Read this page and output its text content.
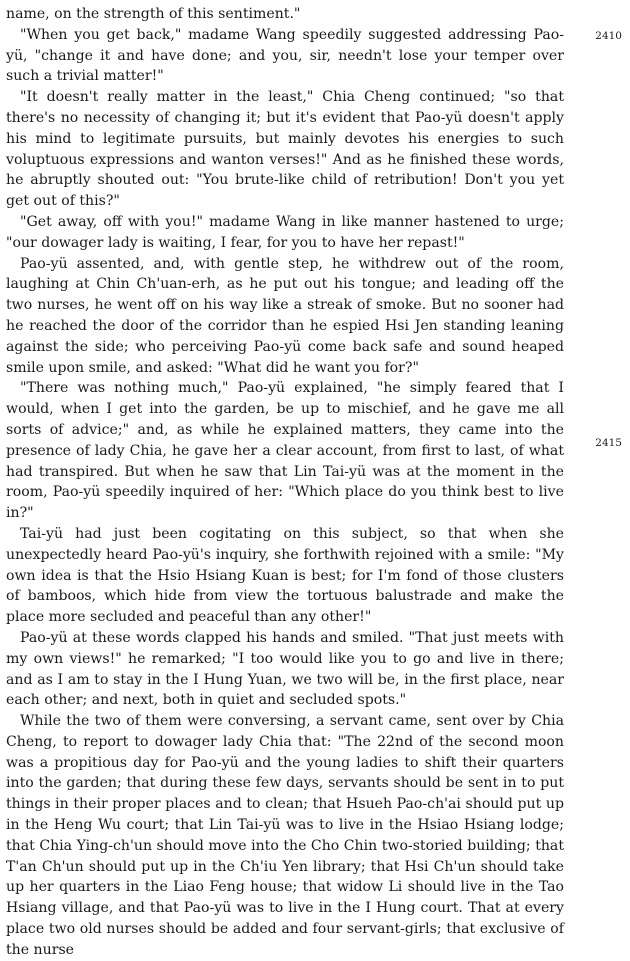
name, on the strength of this sentiment."

"When you get back," madame Wang speedily suggested addressing Pao-yü, "change it and have done; and you, sir, needn't lose your temper over such a trivial matter!"

"It doesn't really matter in the least," Chia Cheng continued; "so that there's no necessity of changing it; but it's evident that Pao-yü doesn't apply his mind to legitimate pursuits, but mainly devotes his energies to such voluptuous expressions and wanton verses!" And as he finished these words, he abruptly shouted out: "You brute-like child of retribution! Don't you yet get out of this?"

"Get away, off with you!" madame Wang in like manner hastened to urge; "our dowager lady is waiting, I fear, for you to have her repast!"

Pao-yü assented, and, with gentle step, he withdrew out of the room, laughing at Chin Ch'uan-erh, as he put out his tongue; and leading off the two nurses, he went off on his way like a streak of smoke. But no sooner had he reached the door of the corridor than he espied Hsi Jen standing leaning against the side; who perceiving Pao-yü come back safe and sound heaped smile upon smile, and asked: "What did he want you for?"

"There was nothing much," Pao-yü explained, "he simply feared that I would, when I get into the garden, be up to mischief, and he gave me all sorts of advice;" and, as while he explained matters, they came into the presence of lady Chia, he gave her a clear account, from first to last, of what had transpired. But when he saw that Lin Tai-yü was at the moment in the room, Pao-yü speedily inquired of her: "Which place do you think best to live in?"

Tai-yü had just been cogitating on this subject, so that when she unexpectedly heard Pao-yü's inquiry, she forthwith rejoined with a smile: "My own idea is that the Hsio Hsiang Kuan is best; for I'm fond of those clusters of bamboos, which hide from view the tortuous balustrade and make the place more secluded and peaceful than any other!"

Pao-yü at these words clapped his hands and smiled. "That just meets with my own views!" he remarked; "I too would like you to go and live in there; and as I am to stay in the I Hung Yuan, we two will be, in the first place, near each other; and next, both in quiet and secluded spots."

While the two of them were conversing, a servant came, sent over by Chia Cheng, to report to dowager lady Chia that: "The 22nd of the second moon was a propitious day for Pao-yü and the young ladies to shift their quarters into the garden; that during these few days, servants should be sent in to put things in their proper places and to clean; that Hsueh Pao-ch'ai should put up in the Heng Wu court; that Lin Tai-yü was to live in the Hsiao Hsiang lodge; that Chia Ying-ch'un should move into the Cho Chin two-storied building; that T'an Ch'un should put up in the Ch'iu Yen library; that Hsi Ch'un should take up her quarters in the Liao Feng house; that widow Li should live in the Tao Hsiang village, and that Pao-yü was to live in the I Hung court. That at every place two old nurses should be added and four servant-girls; that exclusive of the nurse

2410
2415
